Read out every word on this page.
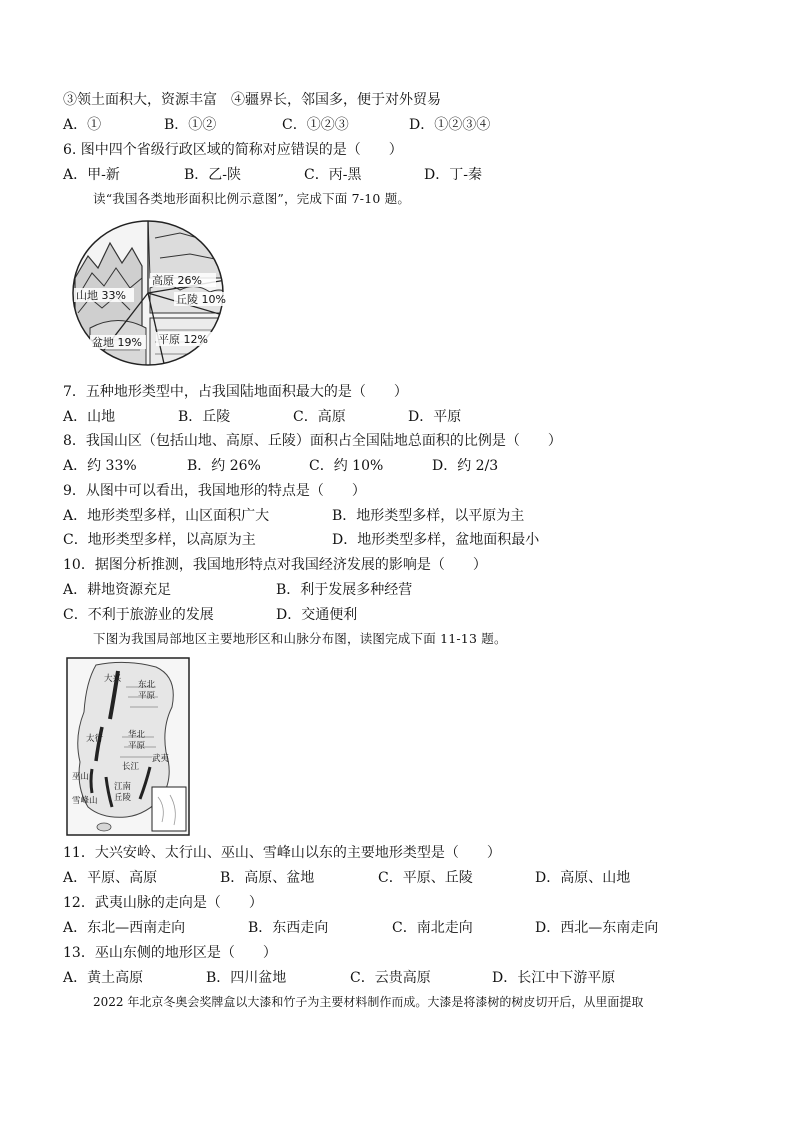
③领土面积大，资源丰富　④疆界长，邻国多，便于对外贸易
A．①	B．①②	C．①②③	D．①②③④
6. 图中四个省级行政区域的简称对应错误的是（　　）
A．甲-新	B．乙-陕	C．丙-黑	D．丁-秦
读“我国各类地形面积比例示意图”，完成下面 7-10 题。
山地 33%
高原 26%
丘陵 10%
盆地 19% 平原 12%
7．五种地形类型中，占我国陆地面积最大的是（　　）
A．山地	B．丘陵	C．高原	D．平原
8．我国山区（包括山地、高原、丘陵）面积占全国陆地总面积的比例是（　　）
A．约 33%	B．约 26%	C．约 10%	D．约 2/3
9．从图中可以看出，我国地形的特点是（　　）
A．地形类型多样，山区面积广大	B．地形类型多样，以平原为主
C．地形类型多样，以高原为主	D．地形类型多样，盆地面积最小
10．据图分析推测，我国地形特点对我国经济发展的影响是（　　）
A．耕地资源充足	B．利于发展多种经营
C．不利于旅游业的发展	D．交通便利
下图为我国局部地区主要地形区和山脉分布图，读图完成下面 11-13 题。
大兴
东北
平原
华北
平原
太行
巫山
雪峰山
江南
丘陵
武夷
长江
11．大兴安岭、太行山、巫山、雪峰山以东的主要地形类型是（　　）
A．平原、高原	B．高原、盆地	C．平原、丘陵	D．高原、山地
12．武夷山脉的走向是（　　）
A．东北—西南走向	B．东西走向	C．南北走向	D．西北—东南走向
13．巫山东侧的地形区是（　　）
A．黄土高原	B．四川盆地	C．云贵高原	D．长江中下游平原
2022 年北京冬奥会奖牌盒以大漆和竹子为主要材料制作而成。大漆是将漆树的树皮切开后，从里面提取
